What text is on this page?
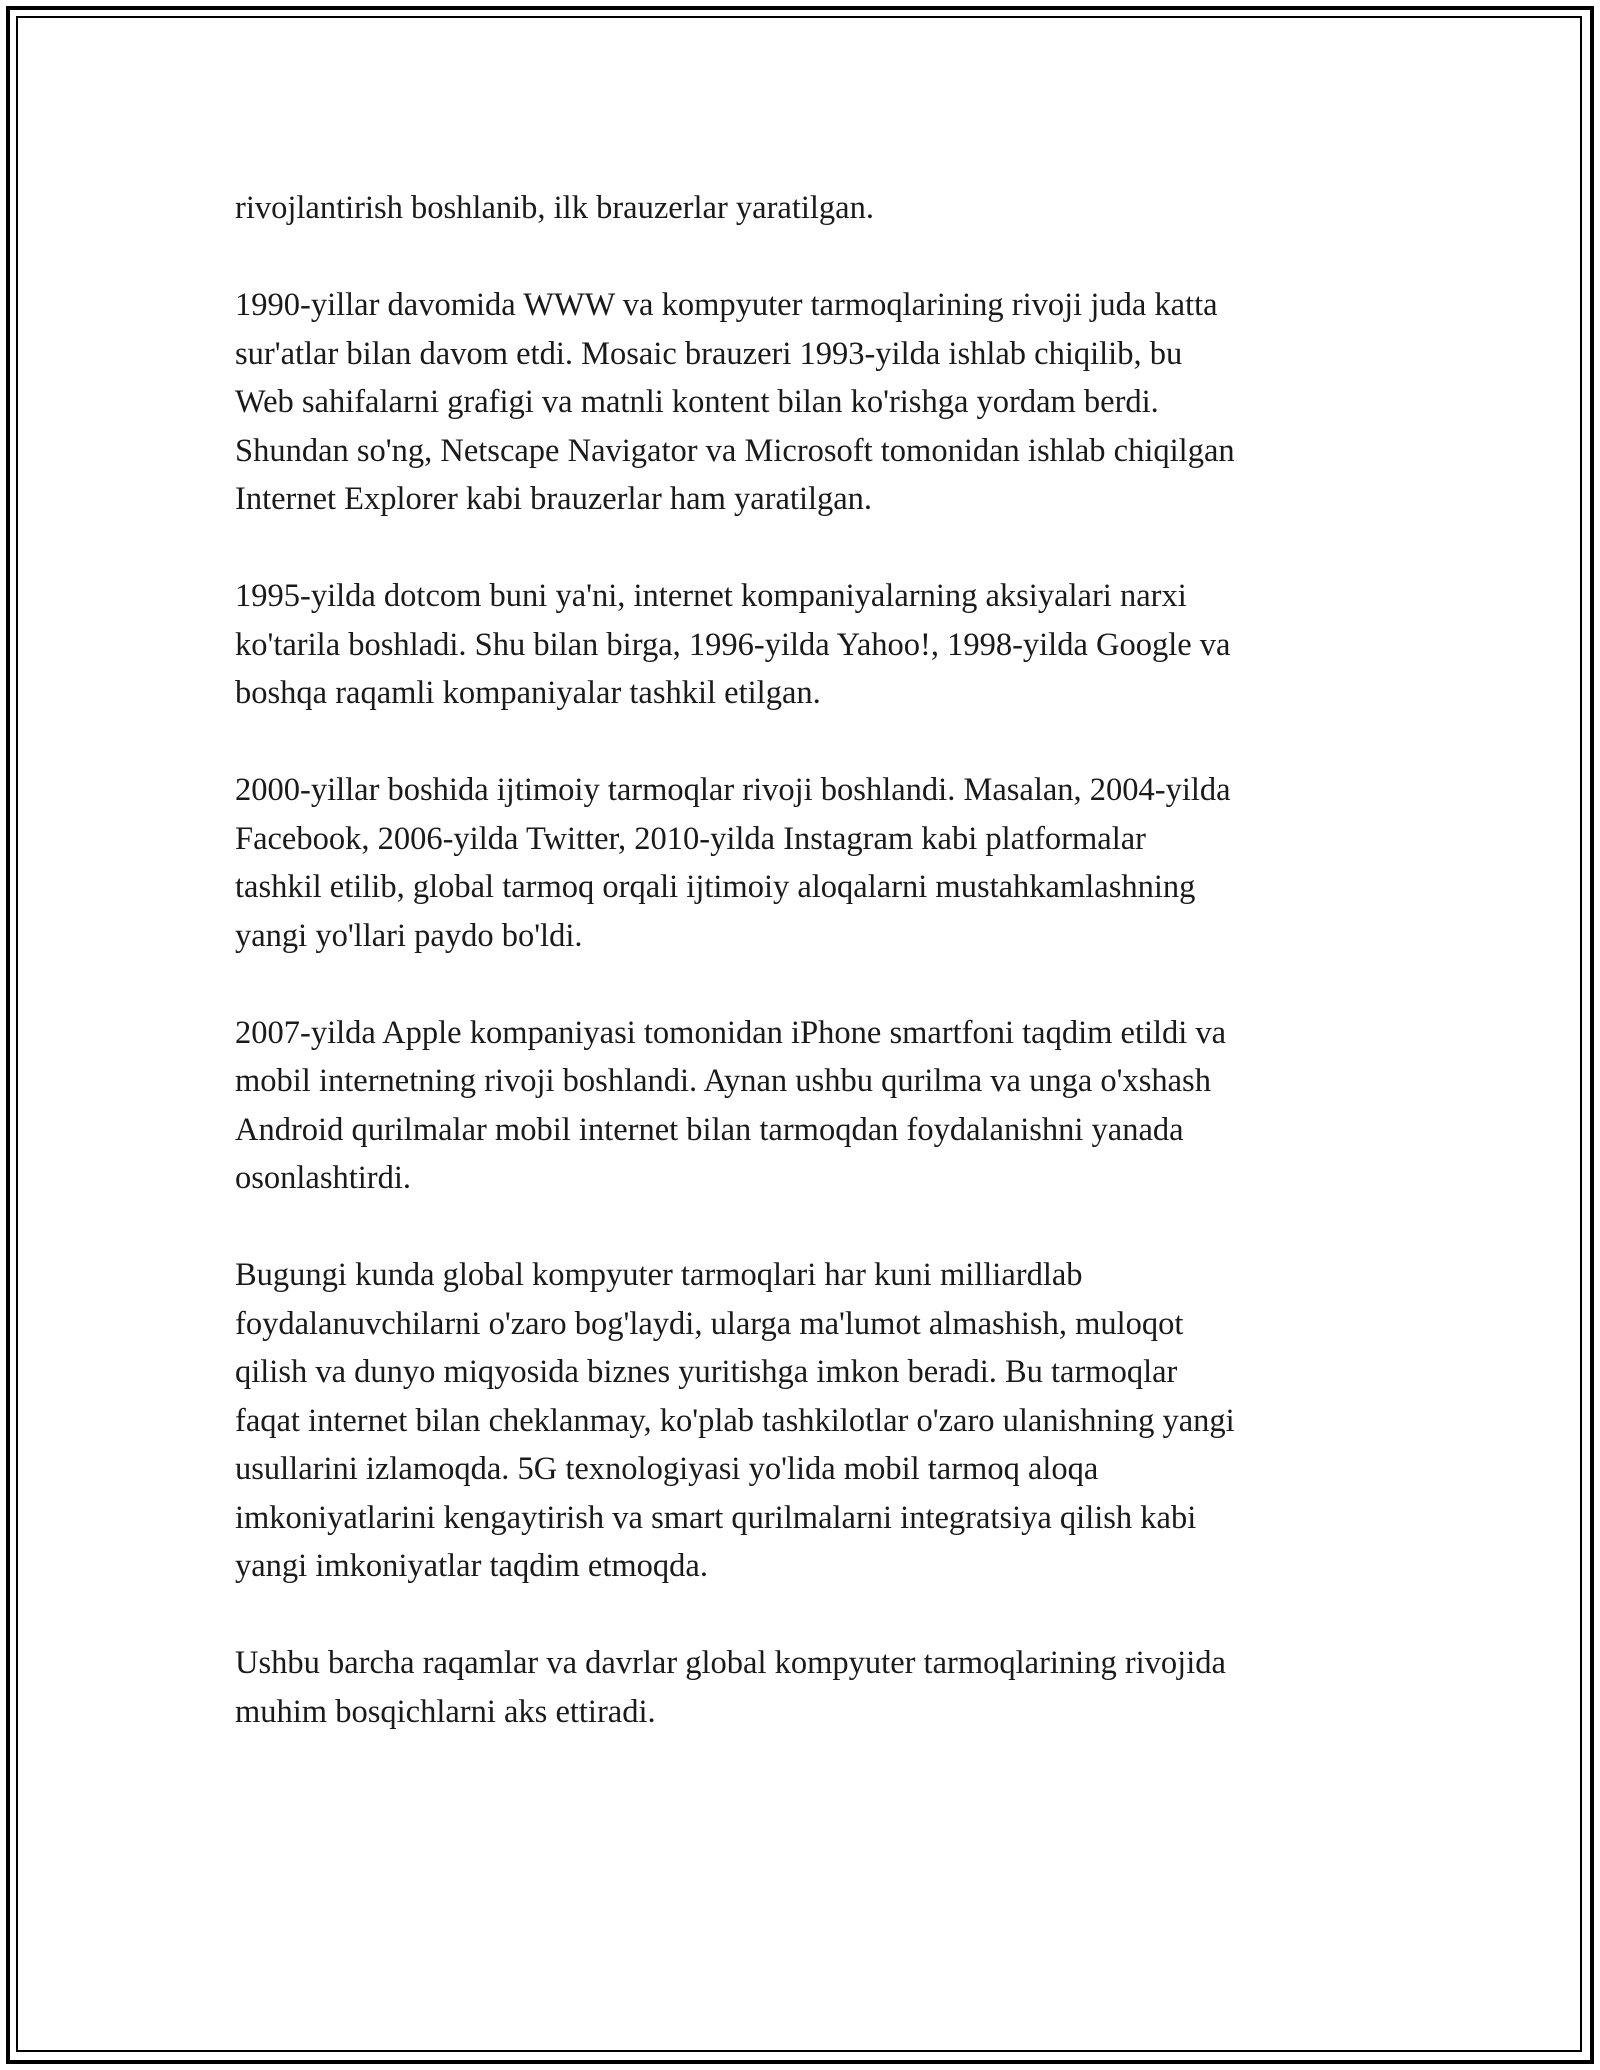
rivojlantirish boshlanib, ilk brauzerlar yaratilgan.

1990-yillar davomida WWW va kompyuter tarmoqlarining rivoji juda katta
sur'atlar bilan davom etdi. Mosaic brauzeri 1993-yilda ishlab chiqilib, bu
Web sahifalarni grafigi va matnli kontent bilan ko'rishga yordam berdi.
Shundan so'ng, Netscape Navigator va Microsoft tomonidan ishlab chiqilgan
Internet Explorer kabi brauzerlar ham yaratilgan.

1995-yilda dotcom buni ya'ni, internet kompaniyalarning aksiyalari narxi
ko'tarila boshladi. Shu bilan birga, 1996-yilda Yahoo!, 1998-yilda Google va
boshqa raqamli kompaniyalar tashkil etilgan.

2000-yillar boshida ijtimoiy tarmoqlar rivoji boshlandi. Masalan, 2004-yilda
Facebook, 2006-yilda Twitter, 2010-yilda Instagram kabi platformalar
tashkil etilib, global tarmoq orqali ijtimoiy aloqalarni mustahkamlashning
yangi yo'llari paydo bo'ldi.

2007-yilda Apple kompaniyasi tomonidan iPhone smartfoni taqdim etildi va
mobil internetning rivoji boshlandi. Aynan ushbu qurilma va unga o'xshash
Android qurilmalar mobil internet bilan tarmoqdan foydalanishni yanada
osonlashtirdi.

Bugungi kunda global kompyuter tarmoqlari har kuni milliardlab
foydalanuvchilarni o'zaro bog'laydi, ularga ma'lumot almashish, muloqot
qilish va dunyo miqyosida biznes yuritishga imkon beradi. Bu tarmoqlar
faqat internet bilan cheklanmay, ko'plab tashkilotlar o'zaro ulanishning yangi
usullarini izlamoqda. 5G texnologiyasi yo'lida mobil tarmoq aloqa
imkoniyatlarini kengaytirish va smart qurilmalarni integratsiya qilish kabi
yangi imkoniyatlar taqdim etmoqda.

Ushbu barcha raqamlar va davrlar global kompyuter tarmoqlarining rivojida
muhim bosqichlarni aks ettiradi.
